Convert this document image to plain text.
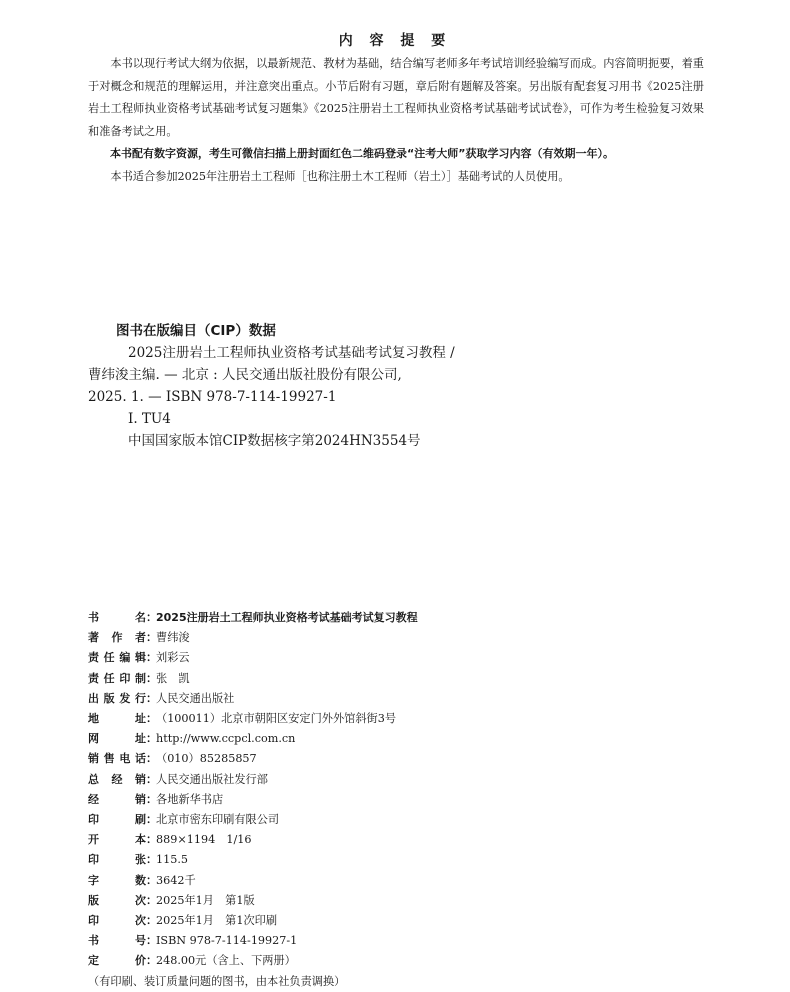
内 容 提 要

本书以现行考试大纲为依据，以最新规范、教材为基础，结合编写老师多年考试培训经验编写而成。内容简明扼要，着重于对概念和规范的理解运用，并注意突出重点。小节后附有习题，章后附有题解及答案。另出版有配套复习用书《2025注册岩土工程师执业资格考试基础考试复习题集》《2025注册岩土工程师执业资格考试基础考试试卷》，可作为考生检验复习效果和准备考试之用。

本书配有数字资源，考生可微信扫描上册封面红色二维码登录“注考大师”获取学习内容（有效期一年）。

本书适合参加2025年注册岩土工程师［也称注册土木工程师（岩土）］基础考试的人员使用。

图书在版编目（CIP）数据
2025注册岩土工程师执业资格考试基础考试复习教程 /
曹纬浚主编. — 北京 : 人民交通出版社股份有限公司,
2025. 1. — ISBN 978-7-114-19927-1
Ⅰ. TU4
中国国家版本馆CIP数据核字第2024HN3554号
书名 ：
2025注册岩土工程师执业资格考试基础考试复习教程
著作者 ：
曹纬浚
责任编辑 ：
刘彩云
责任印制 ：
张　凯
出版发行 ：
人民交通出版社
地址 ：
（100011）北京市朝阳区安定门外外馆斜街3号
网址 ：
http://www.ccpcl.com.cn
销售电话 ：
（010）85285857
总经销 ：
人民交通出版社发行部
经销 ：
各地新华书店
印刷 ：
北京市密东印刷有限公司
开本 ：
889×1194　1/16
印张 ：
115.5
字数 ：
3642千
版次 ：
2025年1月　第1版
印次 ：
2025年1月　第1次印刷
书号 ：
ISBN 978-7-114-19927-1
定价 ：
248.00元（含上、下两册）
（有印刷、装订质量问题的图书，由本社负责调换）
